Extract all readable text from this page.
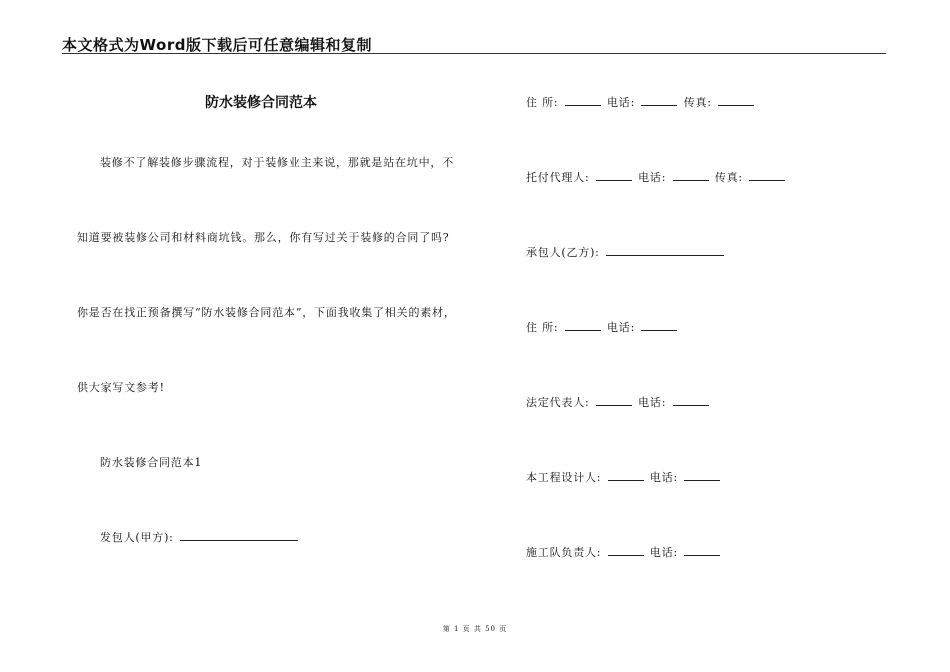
本文格式为Word版下载后可任意编辑和复制
防水装修合同范本
装修不了解装修步骤流程，对于装修业主来说，那就是站在坑中，不
知道要被装修公司和材料商坑钱。那么，你有写过关于装修的合同了吗?
你是否在找正预备撰写“防水装修合同范本”，下面我收集了相关的素材，
供大家写文参考!
防水装修合同范本1
发包人(甲方):
住 所:	电话:	传真:
托付代理人:	电话:	传真:
承包人(乙方):
住 所:	电话:
法定代表人:	电话:
本工程设计人:	电话:
施工队负责人:	电话:
第 1 页 共 50 页
